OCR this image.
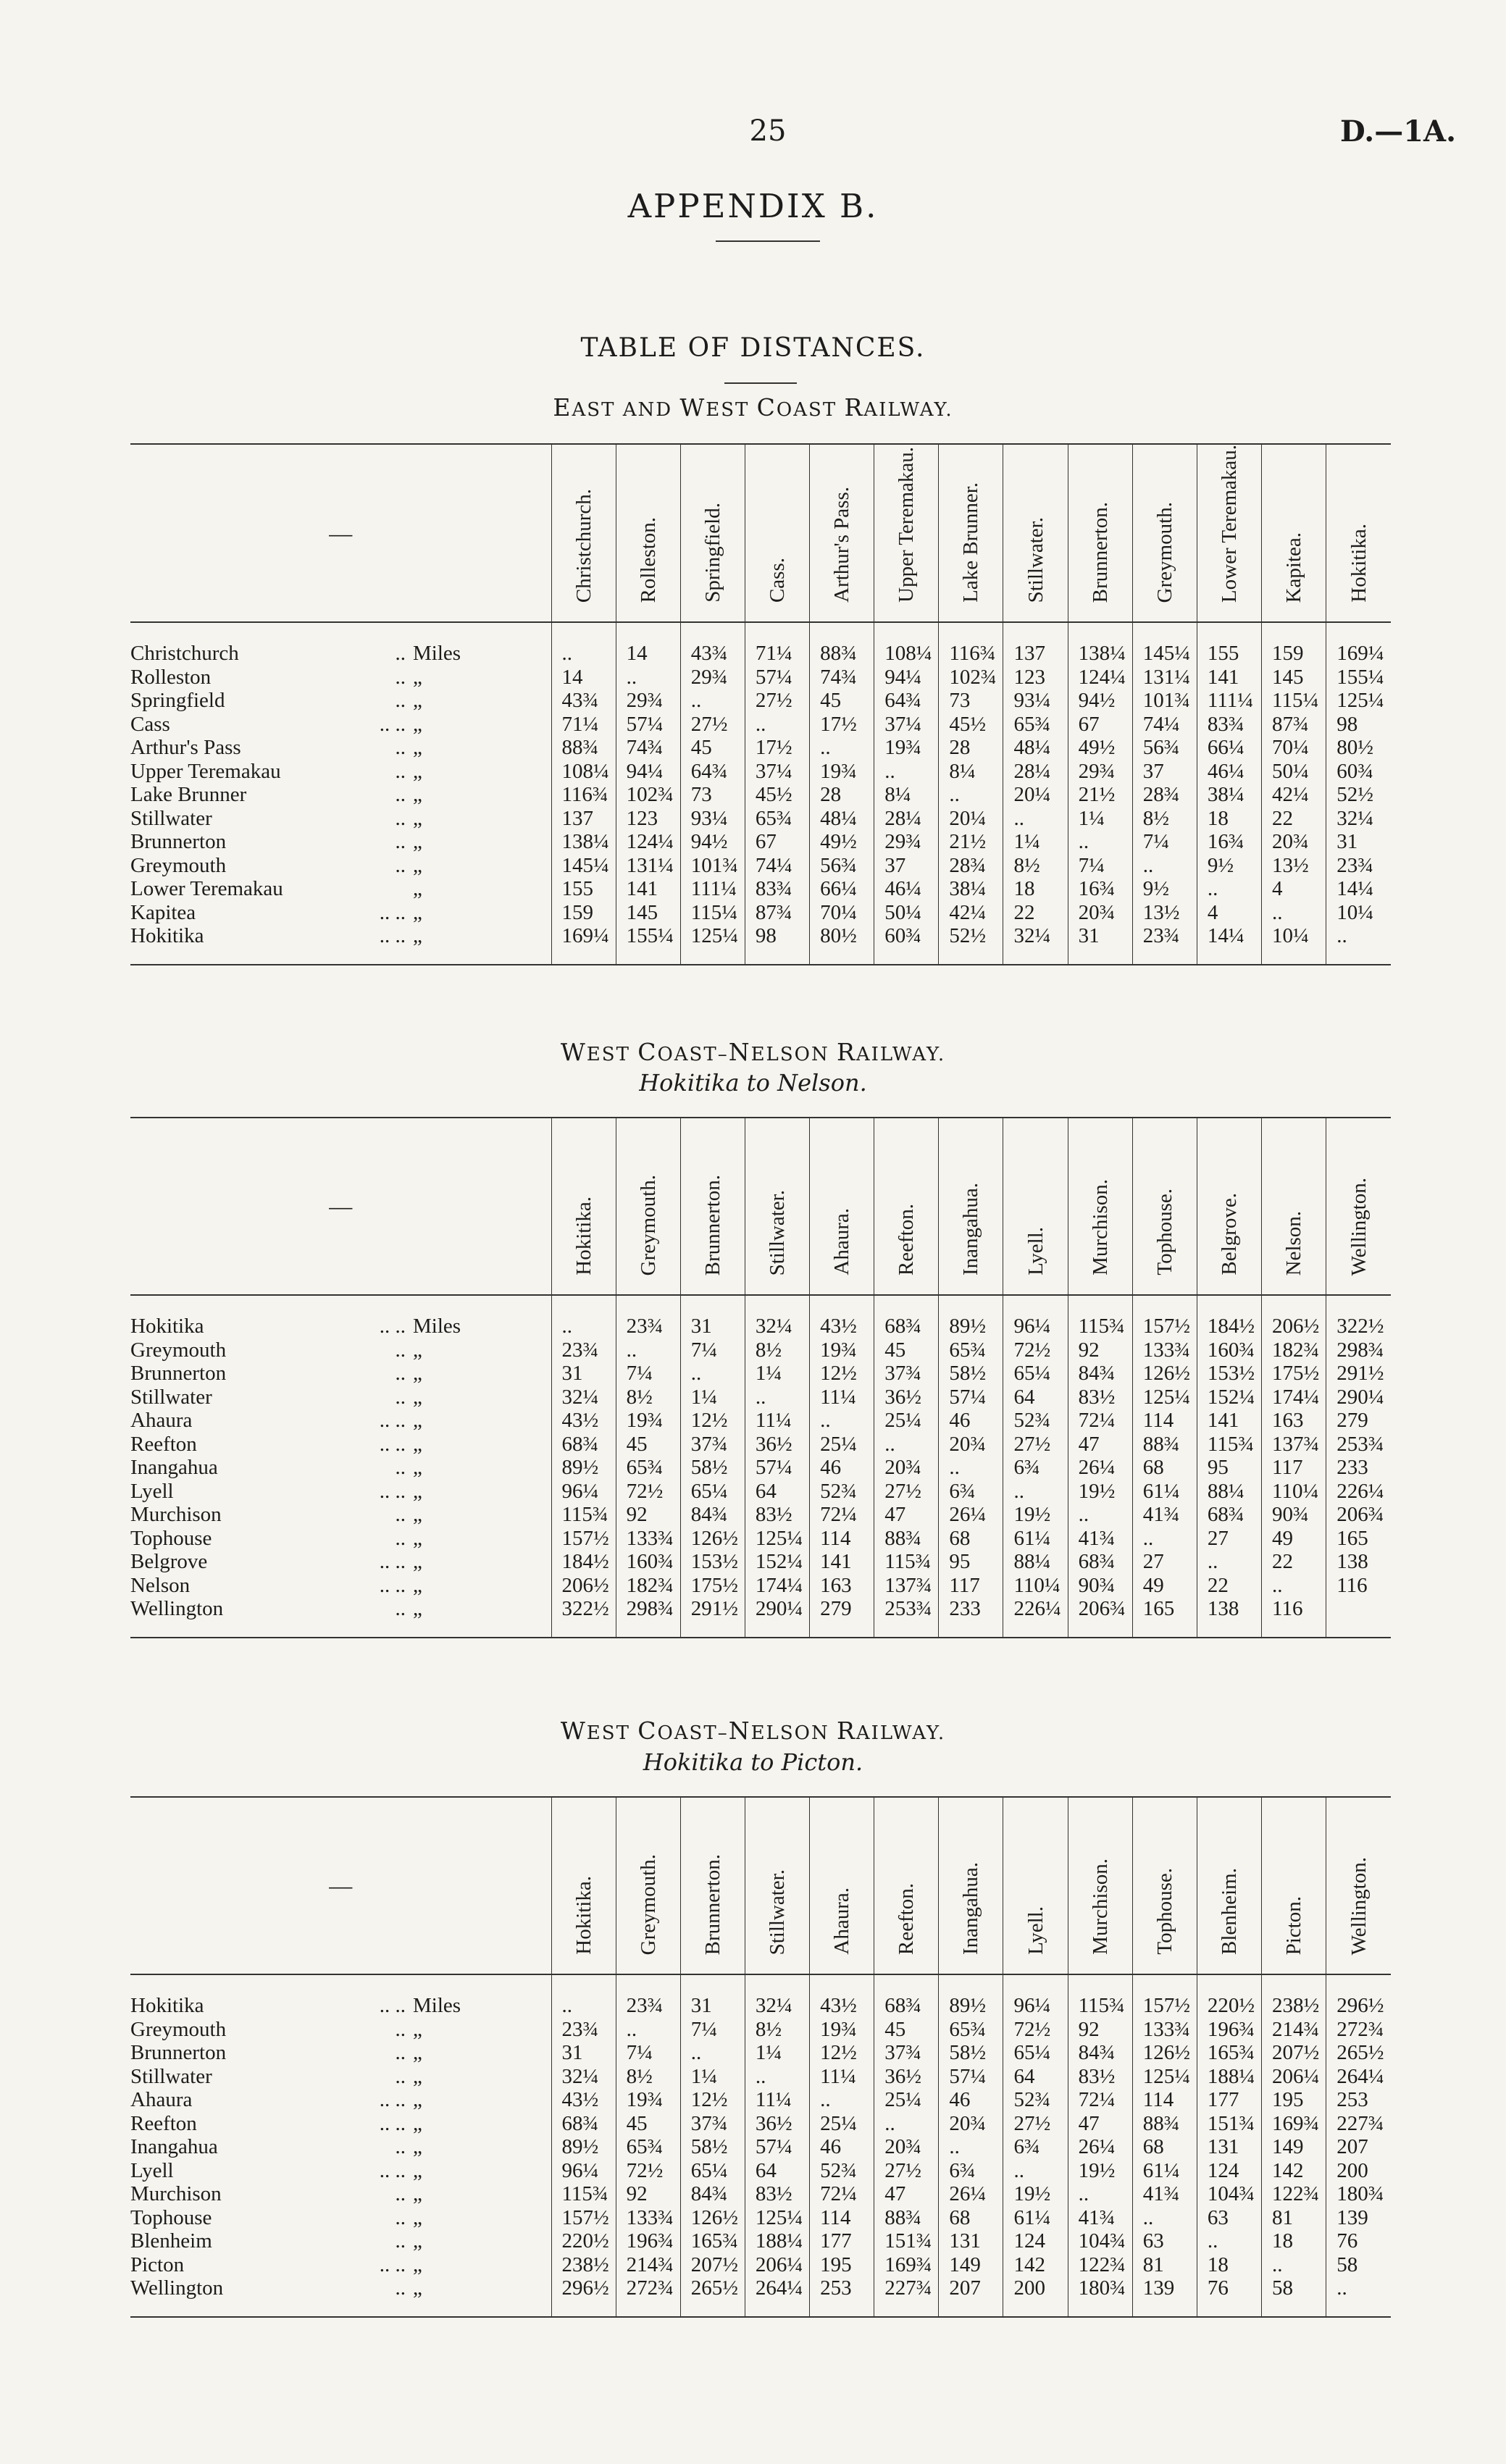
25	D.—1A.
APPENDIX B.
TABLE OF DISTANCES.
EAST AND WEST COAST RAILWAY.
—	Christchurch.	Rolleston.	Springfield.	Cass.	Arthur's Pass.	Upper Teremakau.	Lake Brunner.	Stillwater.	Brunnerton.	Greymouth.	Lower Teremakau.	Kapitea.	Hokitika.
Christchurch .. Miles	..	14	43¾	71¼	88¾	108¼	116¾	137	138¼	145¼	155	159	169¼
Rolleston .. „	14	..	29¾	57¼	74¾	94¼	102¾	123	124¼	131¼	141	145	155¼
Springfield .. „	43¾	29¾	..	27½	45	64¾	73	93¼	94½	101¾	111¼	115¼	125¼
Cass .. .. „	71¼	57¼	27½	..	17½	37¼	45½	65¾	67	74¼	83¾	87¾	98
Arthur's Pass .. „	88¾	74¾	45	17½	..	19¾	28	48¼	49½	56¾	66¼	70¼	80½
Upper Teremakau .. „	108¼	94¼	64¾	37¼	19¾	..	8¼	28¼	29¾	37	46¼	50¼	60¾
Lake Brunner .. „	116¾	102¾	73	45½	28	8¼	..	20¼	21½	28¾	38¼	42¼	52½
Stillwater .. „	137	123	93¼	65¾	48¼	28¼	20¼	..	1¼	8½	18	22	32¼
Brunnerton .. „	138¼	124¼	94½	67	49½	29¾	21½	1¼	..	7¼	16¾	20¾	31
Greymouth .. „	145¼	131¼	101¾	74¼	56¾	37	28¾	8½	7¼	..	9½	13½	23¾
Lower Teremakau „	155	141	111¼	83¾	66¼	46¼	38¼	18	16¾	9½	..	4	14¼
Kapitea .. .. „	159	145	115¼	87¾	70¼	50¼	42¼	22	20¾	13½	4	..	10¼
Hokitika .. .. „	169¼	155¼	125¼	98	80½	60¾	52½	32¼	31	23¾	14¼	10¼	..
WEST COAST–NELSON RAILWAY.
Hokitika to Nelson.
—	Hokitika.	Greymouth.	Brunnerton.	Stillwater.	Ahaura.	Reefton.	Inangahua.	Lyell.	Murchison.	Tophouse.	Belgrove.	Nelson.	Wellington.
Hokitika .. .. Miles	..	23¾	31	32¼	43½	68¾	89½	96¼	115¾	157½	184½	206½	322½
Greymouth .. „	23¾	..	7¼	8½	19¾	45	65¾	72½	92	133¾	160¾	182¾	298¾
Brunnerton .. „	31	7¼	..	1¼	12½	37¾	58½	65¼	84¾	126½	153½	175½	291½
Stillwater .. „	32¼	8½	1¼	..	11¼	36½	57¼	64	83½	125¼	152¼	174¼	290¼
Ahaura .. .. „	43½	19¾	12½	11¼	..	25¼	46	52¾	72¼	114	141	163	279
Reefton .. .. „	68¾	45	37¾	36½	25¼	..	20¾	27½	47	88¾	115¾	137¾	253¾
Inangahua .. „	89½	65¾	58½	57¼	46	20¾	..	6¾	26¼	68	95	117	233
Lyell .. .. „	96¼	72½	65¼	64	52¾	27½	6¾	..	19½	61¼	88¼	110¼	226¼
Murchison .. „	115¾	92	84¾	83½	72¼	47	26¼	19½	..	41¾	68¾	90¾	206¾
Tophouse .. „	157½	133¾	126½	125¼	114	88¾	68	61¼	41¾	..	27	49	165
Belgrove .. .. „	184½	160¾	153½	152¼	141	115¾	95	88¼	68¾	27	..	22	138
Nelson .. .. „	206½	182¾	175½	174¼	163	137¾	117	110¼	90¾	49	22	..	116
Wellington .. „	322½	298¾	291½	290¼	279	253¾	233	226¼	206¾	165	138	116	
WEST COAST–NELSON RAILWAY.
Hokitika to Picton.
—	Hokitika.	Greymouth.	Brunnerton.	Stillwater.	Ahaura.	Reefton.	Inangahua.	Lyell.	Murchison.	Tophouse.	Blenheim.	Picton.	Wellington.
Hokitika .. .. Miles	..	23¾	31	32¼	43½	68¾	89½	96¼	115¾	157½	220½	238½	296½
Greymouth .. „	23¾	..	7¼	8½	19¾	45	65¾	72½	92	133¾	196¾	214¾	272¾
Brunnerton .. „	31	7¼	..	1¼	12½	37¾	58½	65¼	84¾	126½	165¾	207½	265½
Stillwater .. „	32¼	8½	1¼	..	11¼	36½	57¼	64	83½	125¼	188¼	206¼	264¼
Ahaura .. .. „	43½	19¾	12½	11¼	..	25¼	46	52¾	72¼	114	177	195	253
Reefton .. .. „	68¾	45	37¾	36½	25¼	..	20¾	27½	47	88¾	151¾	169¾	227¾
Inangahua .. „	89½	65¾	58½	57¼	46	20¾	..	6¾	26¼	68	131	149	207
Lyell .. .. „	96¼	72½	65¼	64	52¾	27½	6¾	..	19½	61¼	124	142	200
Murchison .. „	115¾	92	84¾	83½	72¼	47	26¼	19½	..	41¾	104¾	122¾	180¾
Tophouse .. „	157½	133¾	126½	125¼	114	88¾	68	61¼	41¾	..	63	81	139
Blenheim .. „	220½	196¾	165¾	188¼	177	151¾	131	124	104¾	63	..	18	76
Picton .. .. „	238½	214¾	207½	206¼	195	169¾	149	142	122¾	81	18	..	58
Wellington .. „	296½	272¾	265½	264¼	253	227¾	207	200	180¾	139	76	58	..
